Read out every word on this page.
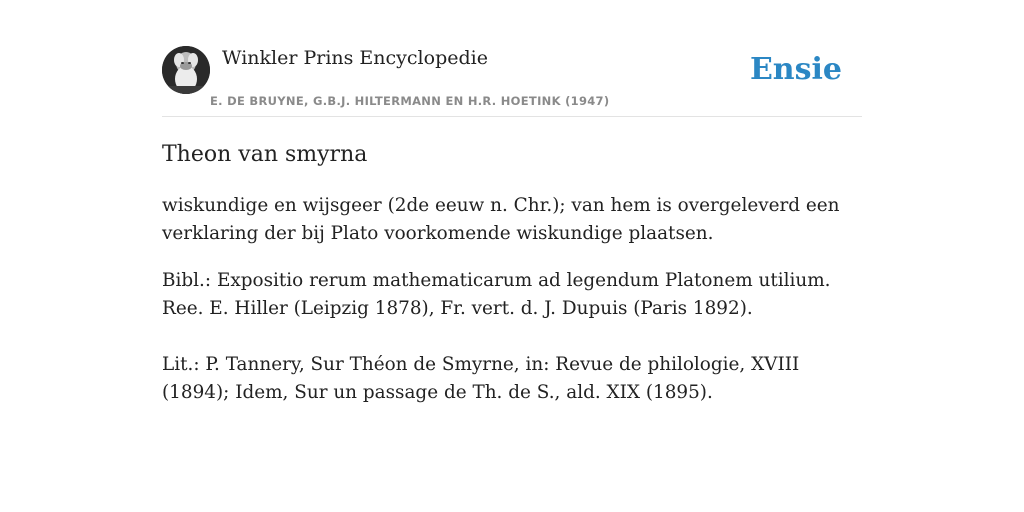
Winkler Prins Encyclopedie
E. DE BRUYNE, G.B.J. HILTERMANN EN H.R. HOETINK (1947)
Ensie
Theon van smyrna

wiskundige en wijsgeer (2de eeuw n. Chr.); van hem is overgeleverd een verklaring der bij Plato voorkomende wiskundige plaatsen.

Bibl.: Expositio rerum mathematicarum ad legendum Platonem utilium. Ree. E. Hiller (Leipzig 1878), Fr. vert. d. J. Dupuis (Paris 1892).

Lit.: P. Tannery, Sur Théon de Smyrne, in: Revue de philologie, XVIII (1894); Idem, Sur un passage de Th. de S., ald. XIX (1895).
